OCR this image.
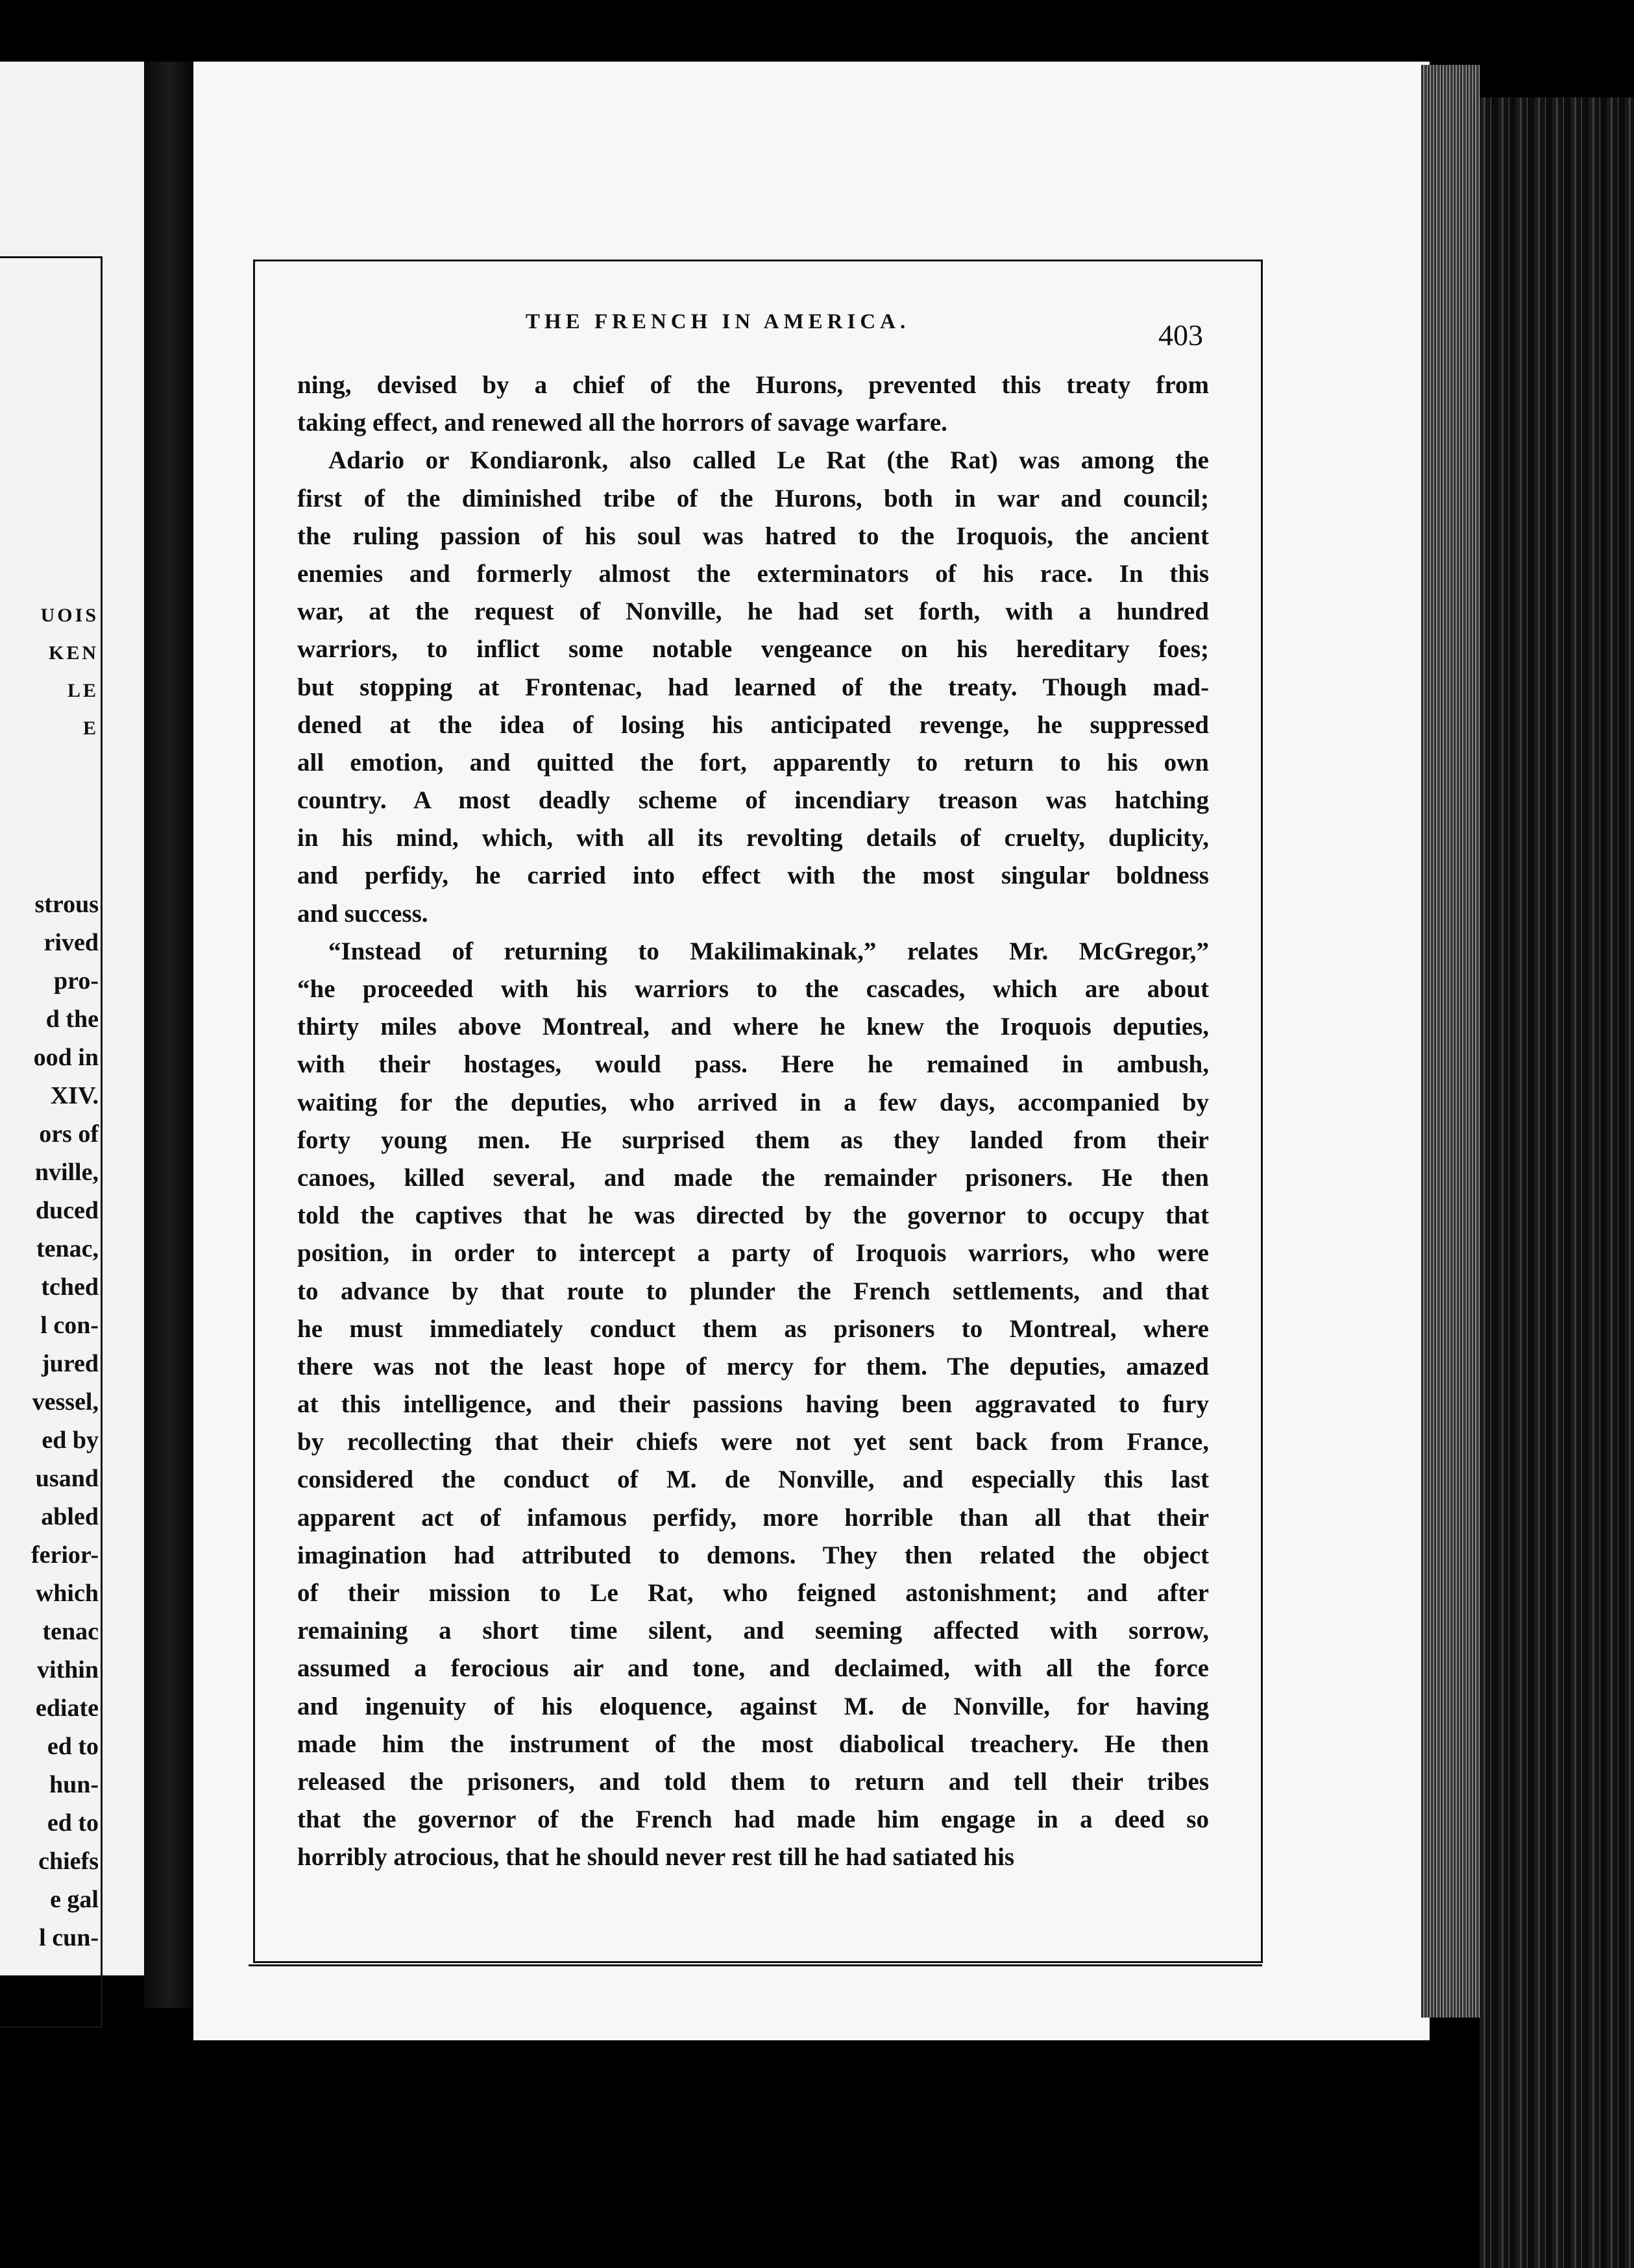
UOIS
KEN
LE
E
strous
rived
pro-
d the
ood in
XIV.
ors of
nville,
duced
tenac,
tched
l con-
jured
vessel,
ed by
usand
abled
ferior-
which
tenac
vithin
ediate
ed to
hun-
ed to
chiefs
e gal
l cun-
THE FRENCH IN AMERICA.	403
ning, devised by a chief of the Hurons, prevented this treaty from
taking effect, and renewed all the horrors of savage warfare.
Adario or Kondiaronk, also called Le Rat (the Rat) was among the
first of the diminished tribe of the Hurons, both in war and council;
the ruling passion of his soul was hatred to the Iroquois, the ancient
enemies and formerly almost the exterminators of his race. In this
war, at the request of Nonville, he had set forth, with a hundred
warriors, to inflict some notable vengeance on his hereditary foes;
but stopping at Frontenac, had learned of the treaty. Though mad-
dened at the idea of losing his anticipated revenge, he suppressed
all emotion, and quitted the fort, apparently to return to his own
country. A most deadly scheme of incendiary treason was hatching
in his mind, which, with all its revolting details of cruelty, duplicity,
and perfidy, he carried into effect with the most singular boldness
and success.
“Instead of returning to Makilimakinak,” relates Mr. McGregor,”
“he proceeded with his warriors to the cascades, which are about
thirty miles above Montreal, and where he knew the Iroquois deputies,
with their hostages, would pass. Here he remained in ambush,
waiting for the deputies, who arrived in a few days, accompanied by
forty young men. He surprised them as they landed from their
canoes, killed several, and made the remainder prisoners. He then
told the captives that he was directed by the governor to occupy that
position, in order to intercept a party of Iroquois warriors, who were
to advance by that route to plunder the French settlements, and that
he must immediately conduct them as prisoners to Montreal, where
there was not the least hope of mercy for them. The deputies, amazed
at this intelligence, and their passions having been aggravated to fury
by recollecting that their chiefs were not yet sent back from France,
considered the conduct of M. de Nonville, and especially this last
apparent act of infamous perfidy, more horrible than all that their
imagination had attributed to demons. They then related the object
of their mission to Le Rat, who feigned astonishment; and after
remaining a short time silent, and seeming affected with sorrow,
assumed a ferocious air and tone, and declaimed, with all the force
and ingenuity of his eloquence, against M. de Nonville, for having
made him the instrument of the most diabolical treachery. He then
released the prisoners, and told them to return and tell their tribes
that the governor of the French had made him engage in a deed so
horribly atrocious, that he should never rest till he had satiated his
